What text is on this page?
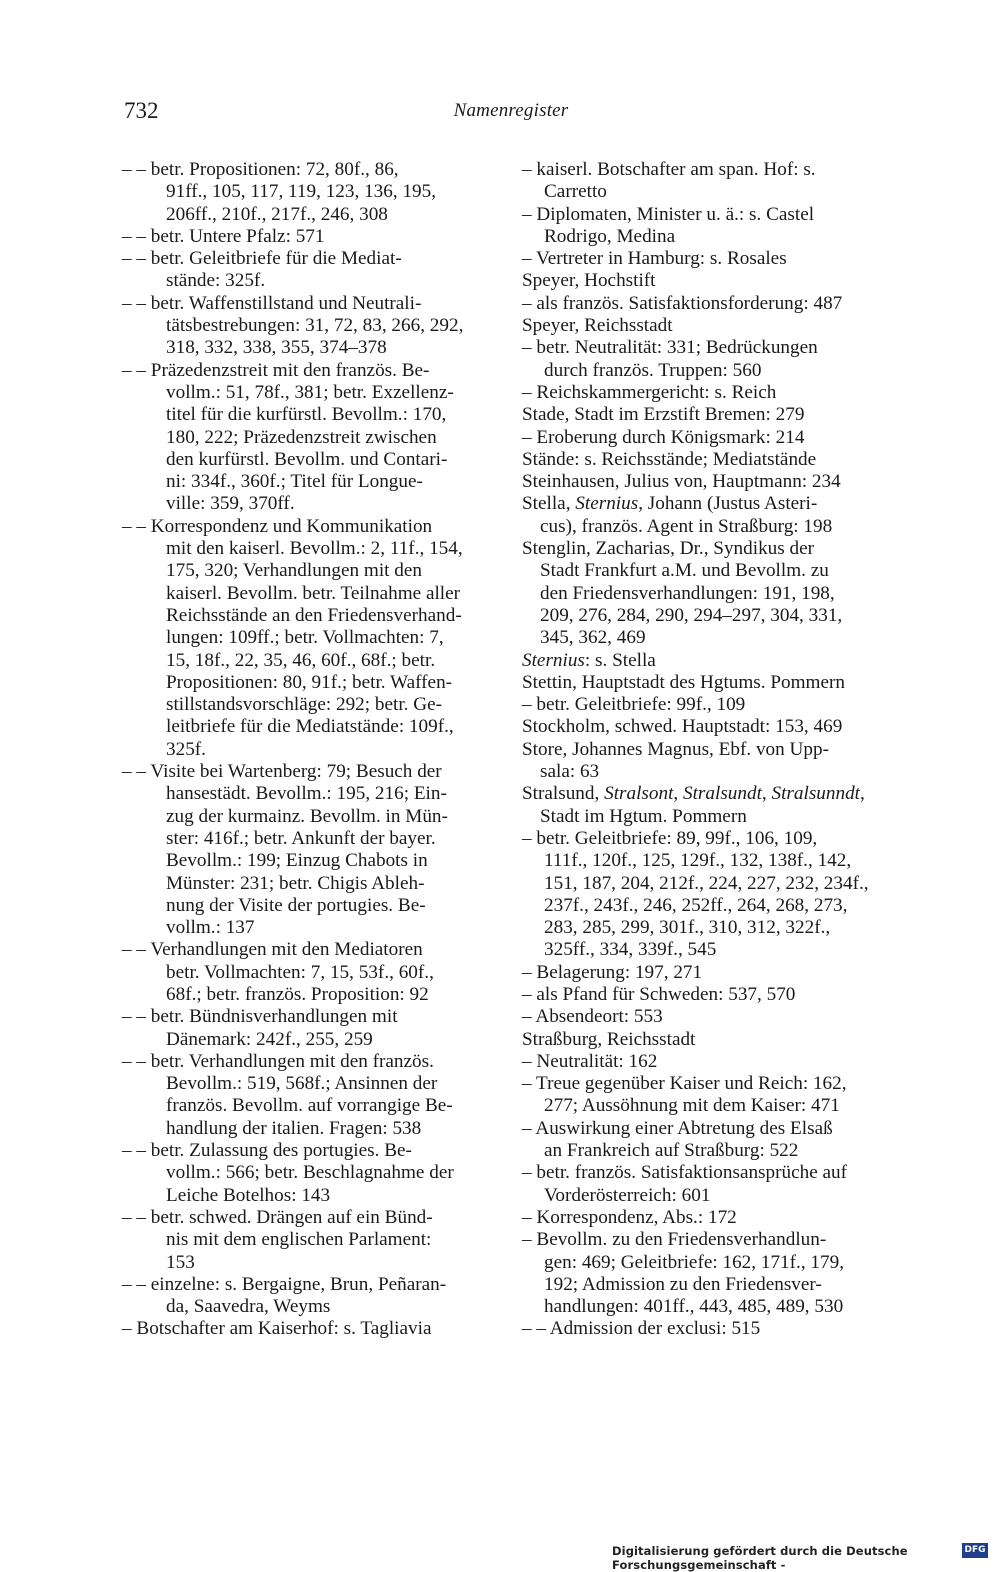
732	Namenregister
– – betr. Propositionen: 72, 80f., 86,
91ff., 105, 117, 119, 123, 136, 195,
206ff., 210f., 217f., 246, 308
– – betr. Untere Pfalz: 571
– – betr. Geleitbriefe für die Mediat-
stände: 325f.
– – betr. Waffenstillstand und Neutrali-
tätsbestrebungen: 31, 72, 83, 266, 292,
318, 332, 338, 355, 374–378
– – Präzedenzstreit mit den französ. Be-
vollm.: 51, 78f., 381; betr. Exzellenz-
titel für die kurfürstl. Bevollm.: 170,
180, 222; Präzedenzstreit zwischen
den kurfürstl. Bevollm. und Contari-
ni: 334f., 360f.; Titel für Longue-
ville: 359, 370ff.
– – Korrespondenz und Kommunikation
mit den kaiserl. Bevollm.: 2, 11f., 154,
175, 320; Verhandlungen mit den
kaiserl. Bevollm. betr. Teilnahme aller
Reichsstände an den Friedensverhand-
lungen: 109ff.; betr. Vollmachten: 7,
15, 18f., 22, 35, 46, 60f., 68f.; betr.
Propositionen: 80, 91f.; betr. Waffen-
stillstandsvorschläge: 292; betr. Ge-
leitbriefe für die Mediatstände: 109f.,
325f.
– – Visite bei Wartenberg: 79; Besuch der
hansestädt. Bevollm.: 195, 216; Ein-
zug der kurmainz. Bevollm. in Mün-
ster: 416f.; betr. Ankunft der bayer.
Bevollm.: 199; Einzug Chabots in
Münster: 231; betr. Chigis Ableh-
nung der Visite der portugies. Be-
vollm.: 137
– – Verhandlungen mit den Mediatoren
betr. Vollmachten: 7, 15, 53f., 60f.,
68f.; betr. französ. Proposition: 92
– – betr. Bündnisverhandlungen mit
Dänemark: 242f., 255, 259
– – betr. Verhandlungen mit den französ.
Bevollm.: 519, 568f.; Ansinnen der
französ. Bevollm. auf vorrangige Be-
handlung der italien. Fragen: 538
– – betr. Zulassung des portugies. Be-
vollm.: 566; betr. Beschlagnahme der
Leiche Botelhos: 143
– – betr. schwed. Drängen auf ein Bünd-
nis mit dem englischen Parlament:
153
– – einzelne: s. Bergaigne, Brun, Peñaran-
da, Saavedra, Weyms
– Botschafter am Kaiserhof: s. Tagliavia
– kaiserl. Botschafter am span. Hof: s.
Carretto
– Diplomaten, Minister u. ä.: s. Castel
Rodrigo, Medina
– Vertreter in Hamburg: s. Rosales
Speyer, Hochstift
– als französ. Satisfaktionsforderung: 487
Speyer, Reichsstadt
– betr. Neutralität: 331; Bedrückungen
durch französ. Truppen: 560
– Reichskammergericht: s. Reich
Stade, Stadt im Erzstift Bremen: 279
– Eroberung durch Königsmark: 214
Stände: s. Reichsstände; Mediatstände
Steinhausen, Julius von, Hauptmann: 234
Stella, Sternius, Johann (Justus Asteri-
cus), französ. Agent in Straßburg: 198
Stenglin, Zacharias, Dr., Syndikus der
Stadt Frankfurt a.M. und Bevollm. zu
den Friedensverhandlungen: 191, 198,
209, 276, 284, 290, 294–297, 304, 331,
345, 362, 469
Sternius: s. Stella
Stettin, Hauptstadt des Hgtums. Pommern
– betr. Geleitbriefe: 99f., 109
Stockholm, schwed. Hauptstadt: 153, 469
Store, Johannes Magnus, Ebf. von Upp-
sala: 63
Stralsund, Stralsont, Stralsundt, Stralsunndt,
Stadt im Hgtum. Pommern
– betr. Geleitbriefe: 89, 99f., 106, 109,
111f., 120f., 125, 129f., 132, 138f., 142,
151, 187, 204, 212f., 224, 227, 232, 234f.,
237f., 243f., 246, 252ff., 264, 268, 273,
283, 285, 299, 301f., 310, 312, 322f.,
325ff., 334, 339f., 545
– Belagerung: 197, 271
– als Pfand für Schweden: 537, 570
– Absendeort: 553
Straßburg, Reichsstadt
– Neutralität: 162
– Treue gegenüber Kaiser und Reich: 162,
277; Aussöhnung mit dem Kaiser: 471
– Auswirkung einer Abtretung des Elsaß
an Frankreich auf Straßburg: 522
– betr. französ. Satisfaktionsansprüche auf
Vorderösterreich: 601
– Korrespondenz, Abs.: 172
– Bevollm. zu den Friedensverhandlun-
gen: 469; Geleitbriefe: 162, 171f., 179,
192; Admission zu den Friedensver-
handlungen: 401ff., 443, 485, 489, 530
– – Admission der exclusi: 515
Digitalisierung gefördert durch die Deutsche Forschungsgemeinschaft -
DFG
